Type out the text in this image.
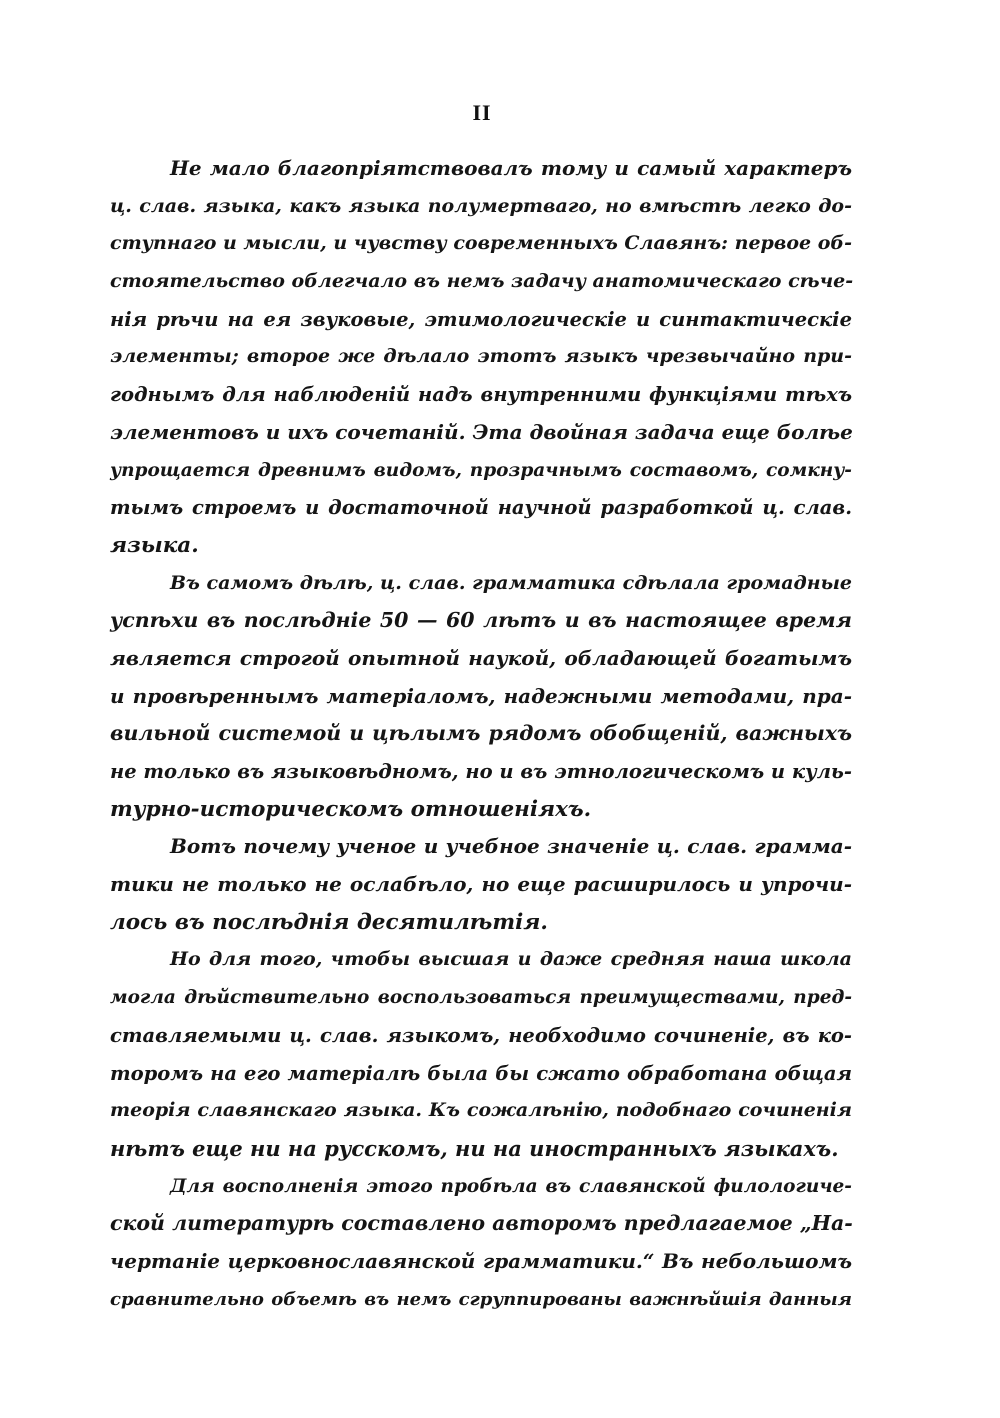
II
Не мало благопріятствовалъ тому и самый характеръ
ц. слав. языка, какъ языка полумертваго, но вмѣстѣ легко до-
ступнаго и мысли, и чувству современныхъ Славянъ: первое об-
стоятельство облегчало въ немъ задачу анатомическаго сѣче-
нія рѣчи на ея звуковые, этимологическіе и синтактическіе
элементы; второе же дѣлало этотъ языкъ чрезвычайно при-
годнымъ для наблюденій надъ внутренними функціями тѣхъ
элементовъ и ихъ сочетаній. Эта двойная задача еще болѣе
упрощается древнимъ видомъ, прозрачнымъ составомъ, сомкну-
тымъ строемъ и достаточной научной разработкой ц. слав.
языка.
Въ самомъ дѣлѣ, ц. слав. грамматика сдѣлала громадные
успѣхи въ послѣдніе 50 — 60 лѣтъ и въ настоящее время
является строгой опытной наукой, обладающей богатымъ
и провѣреннымъ матеріаломъ, надежными методами, пра-
вильной системой и цѣлымъ рядомъ обобщеній, важныхъ
не только въ языковѣдномъ, но и въ этнологическомъ и куль-
турно-историческомъ отношеніяхъ.
Вотъ почему ученое и учебное значеніе ц. слав. грамма-
тики не только не ослабѣло, но еще расширилось и упрочи-
лось въ послѣднія десятилѣтія.
Но для того, чтобы высшая и даже средняя наша школа
могла дѣйствительно воспользоваться преимуществами, пред-
ставляемыми ц. слав. языкомъ, необходимо сочиненіе, въ ко-
торомъ на его матеріалѣ была бы сжато обработана общая
теорія славянскаго языка. Къ сожалѣнію, подобнаго сочиненія
нѣтъ еще ни на русскомъ, ни на иностранныхъ языкахъ.
Для восполненія этого пробѣла въ славянской филологиче-
ской литературѣ составлено авторомъ предлагаемое „На-
чертаніе церковнославянской грамматики.“ Въ небольшомъ
сравнительно объемѣ въ немъ сгруппированы важнѣйшія данныя
